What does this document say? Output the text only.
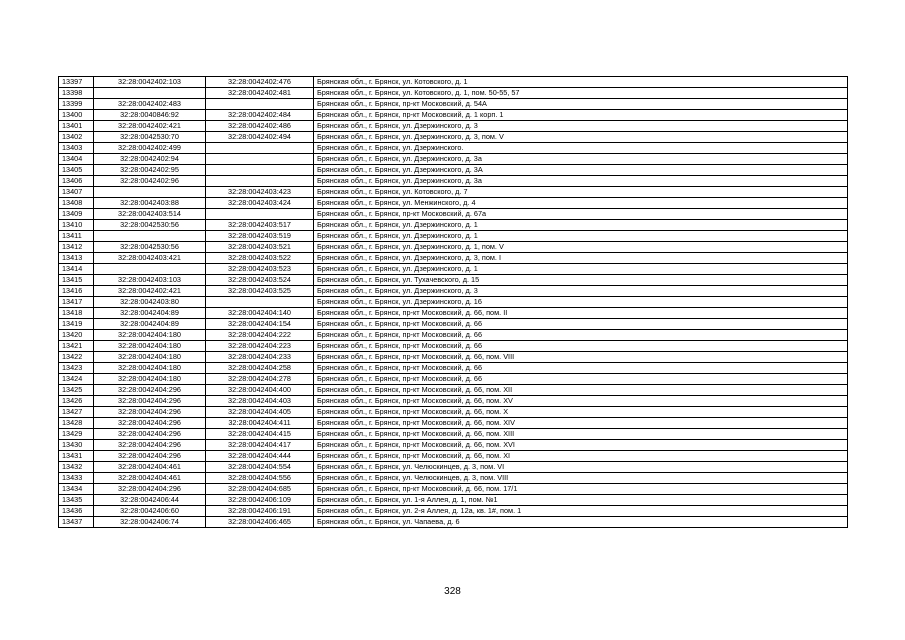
13397	32:28:0042402:103	32:28:0042402:476	Брянская обл., г. Брянск, ул. Котовского, д. 1
13398		32:28:0042402:481	Брянская обл., г. Брянск, ул. Котовского, д. 1, пом. 50-55, 57
13399	32:28:0042402:483		Брянская обл., г. Брянск, пр-кт Московский, д. 54А
13400	32:28:0040846:92	32:28:0042402:484	Брянская обл., г. Брянск, пр-кт Московский, д. 1 корп. 1
13401	32:28:0042402:421	32:28:0042402:486	Брянская обл., г. Брянск, ул. Дзержинского, д. 3
13402	32:28:0042530:70	32:28:0042402:494	Брянская обл., г. Брянск, ул. Дзержинского, д. 3, пом. V
13403	32:28:0042402:499		Брянская обл., г. Брянск, ул. Дзержинского.
13404	32:28:0042402:94		Брянская обл., г. Брянск, ул. Дзержинского, д. 3а
13405	32:28:0042402:95		Брянская обл., г. Брянск, ул. Дзержинского, д. 3А
13406	32:28:0042402:96		Брянская обл., г. Брянск, ул. Дзержинского, д. 3а
13407		32:28:0042403:423	Брянская обл., г. Брянск, ул. Котовского, д. 7
13408	32:28:0042403:88	32:28:0042403:424	Брянская обл., г. Брянск, ул. Менжинского, д. 4
13409	32:28:0042403:514		Брянская обл., г. Брянск, пр-кт Московский, д. 67а
13410	32:28:0042530:56	32:28:0042403:517	Брянская обл., г. Брянск, ул. Дзержинского, д. 1
13411		32:28:0042403:519	Брянская обл., г. Брянск, ул. Дзержинского, д. 1
13412	32:28:0042530:56	32:28:0042403:521	Брянская обл., г. Брянск, ул. Дзержинского, д. 1, пом. V
13413	32:28:0042403:421	32:28:0042403:522	Брянская обл., г. Брянск, ул. Дзержинского, д. 3, пом. I
13414		32:28:0042403:523	Брянская обл., г. Брянск, ул. Дзержинского, д. 1
13415	32:28:0042403:103	32:28:0042403:524	Брянская обл., г. Брянск, ул. Тухачевского, д. 15
13416	32:28:0042402:421	32:28:0042403:525	Брянская обл., г. Брянск, ул. Дзержинского, д. 3
13417	32:28:0042403:80		Брянская обл., г. Брянск, ул. Дзержинского, д. 16
13418	32:28:0042404:89	32:28:0042404:140	Брянская обл., г. Брянск, пр-кт Московский, д. 66, пом. II
13419	32:28:0042404:89	32:28:0042404:154	Брянская обл., г. Брянск, пр-кт Московский, д. 66
13420	32:28:0042404:180	32:28:0042404:222	Брянская обл., г. Брянск, пр-кт Московский, д. 66
13421	32:28:0042404:180	32:28:0042404:223	Брянская обл., г. Брянск, пр-кт Московский, д. 66
13422	32:28:0042404:180	32:28:0042404:233	Брянская обл., г. Брянск, пр-кт Московский, д. 66, пом. VIII
13423	32:28:0042404:180	32:28:0042404:258	Брянская обл., г. Брянск, пр-кт Московский, д. 66
13424	32:28:0042404:180	32:28:0042404:278	Брянская обл., г. Брянск, пр-кт Московский, д. 66
13425	32:28:0042404:296	32:28:0042404:400	Брянская обл., г. Брянск, пр-кт Московский, д. 66, пом. XII
13426	32:28:0042404:296	32:28:0042404:403	Брянская обл., г. Брянск, пр-кт Московский, д. 66, пом. XV
13427	32:28:0042404:296	32:28:0042404:405	Брянская обл., г. Брянск, пр-кт Московский, д. 66, пом. X
13428	32:28:0042404:296	32:28:0042404:411	Брянская обл., г. Брянск, пр-кт Московский, д. 66, пом. XIV
13429	32:28:0042404:296	32:28:0042404:415	Брянская обл., г. Брянск, пр-кт Московский, д. 66, пом. XIII
13430	32:28:0042404:296	32:28:0042404:417	Брянская обл., г. Брянск, пр-кт Московский, д. 66, пом. XVI
13431	32:28:0042404:296	32:28:0042404:444	Брянская обл., г. Брянск, пр-кт Московский, д. 66, пом. XI
13432	32:28:0042404:461	32:28:0042404:554	Брянская обл., г. Брянск, ул. Челюскинцев, д. 3, пом. VI
13433	32:28:0042404:461	32:28:0042404:556	Брянская обл., г. Брянск, ул. Челюскинцев, д. 3, пом. VIII
13434	32:28:0042404:296	32:28:0042404:685	Брянская обл., г. Брянск, пр-кт Московский, д. 66, пом. 17/1
13435	32:28:0042406:44	32:28:0042406:109	Брянская обл., г. Брянск, ул. 1-я Аллея, д. 1, пом. №1
13436	32:28:0042406:60	32:28:0042406:191	Брянская обл., г. Брянск, ул. 2-я Аллея, д. 12а, кв. 1#, пом. 1
13437	32:28:0042406:74	32:28:0042406:465	Брянская обл., г. Брянск, ул. Чапаева, д. 6
328
